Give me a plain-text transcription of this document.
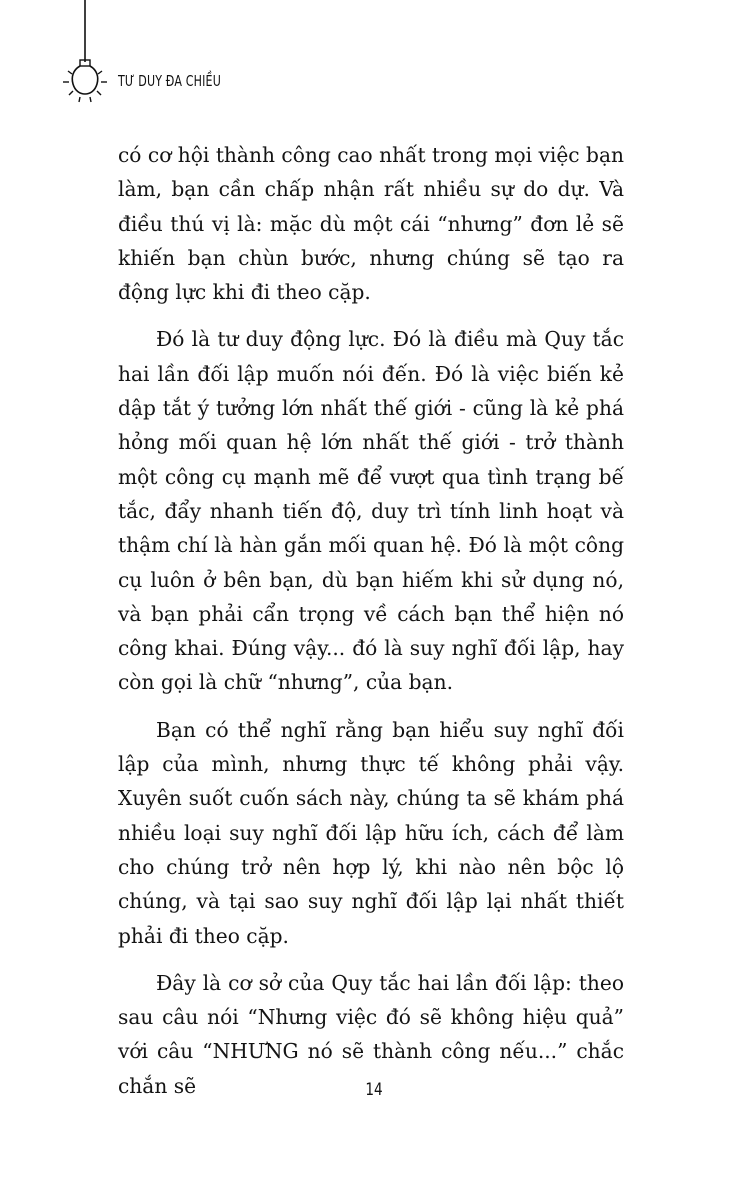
TƯ DUY ĐA CHIỀU

có cơ hội thành công cao nhất trong mọi việc bạn làm, bạn cần chấp nhận rất nhiều sự do dự. Và điều thú vị là: mặc dù một cái “nhưng” đơn lẻ sẽ khiến bạn chùn bước, nhưng chúng sẽ tạo ra động lực khi đi theo cặp.

Đó là tư duy động lực. Đó là điều mà Quy tắc hai lần đối lập muốn nói đến. Đó là việc biến kẻ dập tắt ý tưởng lớn nhất thế giới - cũng là kẻ phá hỏng mối quan hệ lớn nhất thế giới - trở thành một công cụ mạnh mẽ để vượt qua tình trạng bế tắc, đẩy nhanh tiến độ, duy trì tính linh hoạt và thậm chí là hàn gắn mối quan hệ. Đó là một công cụ luôn ở bên bạn, dù bạn hiếm khi sử dụng nó, và bạn phải cẩn trọng về cách bạn thể hiện nó công khai. Đúng vậy... đó là suy nghĩ đối lập, hay còn gọi là chữ “nhưng”, của bạn.

Bạn có thể nghĩ rằng bạn hiểu suy nghĩ đối lập của mình, nhưng thực tế không phải vậy. Xuyên suốt cuốn sách này, chúng ta sẽ khám phá nhiều loại suy nghĩ đối lập hữu ích, cách để làm cho chúng trở nên hợp lý, khi nào nên bộc lộ chúng, và tại sao suy nghĩ đối lập lại nhất thiết phải đi theo cặp.

Đây là cơ sở của Quy tắc hai lần đối lập: theo sau câu nói “Nhưng việc đó sẽ không hiệu quả” với câu “NHƯNG nó sẽ thành công nếu...” chắc chắn sẽ	14
